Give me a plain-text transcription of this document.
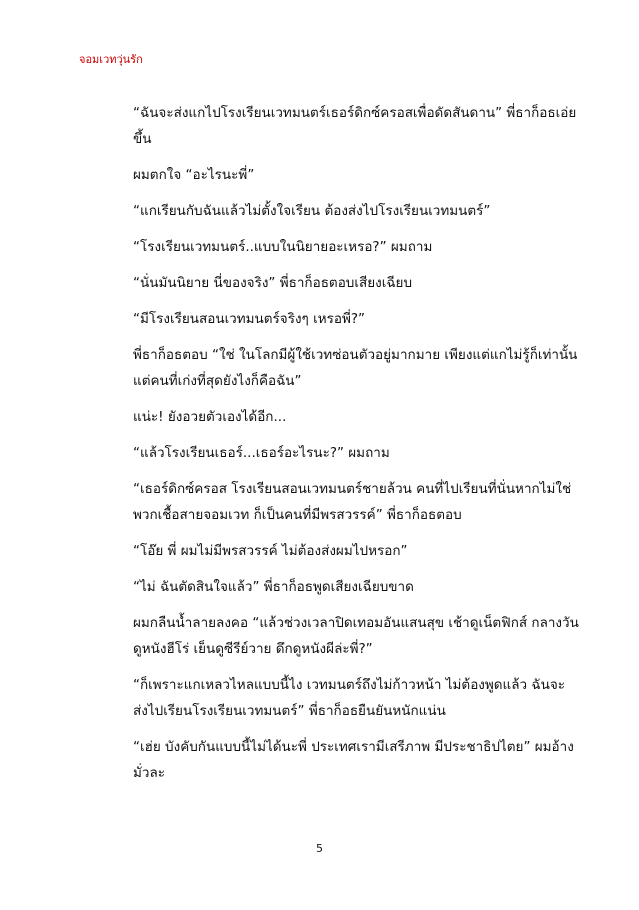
จอมเวทวุ่นรัก
“ฉันจะส่งแกไปโรงเรียนเวทมนตร์เธอร์ดิกซ์ครอสเพื่อดัดสันดาน” พี่ธาก็อธเอ่ย
ขึ้น
ผมตกใจ “อะไรนะพี่”
“แกเรียนกับฉันแล้วไม่ตั้งใจเรียน ต้องส่งไปโรงเรียนเวทมนตร์”
“โรงเรียนเวทมนตร์..แบบในนิยายอะเหรอ?” ผมถาม
“นั่นมันนิยาย นี่ของจริง” พี่ธาก็อธตอบเสียงเฉียบ
“มีโรงเรียนสอนเวทมนตร์จริงๆ เหรอพี่?”
พี่ธาก็อธตอบ “ใช่ ในโลกมีผู้ใช้เวทซ่อนตัวอยู่มากมาย เพียงแต่แกไม่รู้ก็เท่านั้น
แต่คนที่เก่งที่สุดยังไงก็คือฉัน”
แน่ะ! ยังอวยตัวเองได้อีก...
“แล้วโรงเรียนเธอร์...เธอร์อะไรนะ?” ผมถาม
“เธอร์ดิกซ์ครอส โรงเรียนสอนเวทมนตร์ชายล้วน คนที่ไปเรียนที่นั่นหากไม่ใช่
พวกเชื้อสายจอมเวท ก็เป็นคนที่มีพรสวรรค์” พี่ธาก็อธตอบ
“โอ๊ย พี่ ผมไม่มีพรสวรรค์ ไม่ต้องส่งผมไปหรอก”
“ไม่ ฉันตัดสินใจแล้ว” พี่ธาก็อธพูดเสียงเฉียบขาด
ผมกลืนน้ำลายลงคอ “แล้วช่วงเวลาปิดเทอมอันแสนสุข เช้าดูเน็ตฟิกส์ กลางวัน
ดูหนังฮีโร่ เย็นดูซีรีย์วาย ดึกดูหนังผีล่ะพี่?”
“ก็เพราะแกเหลวไหลแบบนี้ไง เวทมนตร์ถึงไม่ก้าวหน้า ไม่ต้องพูดแล้ว ฉันจะ
ส่งไปเรียนโรงเรียนเวทมนตร์” พี่ธาก็อธยืนยันหนักแน่น
“เฮ่ย บังคับกันแบบนี้ไม่ได้นะพี่ ประเทศเรามีเสรีภาพ มีประชาธิปไตย” ผมอ้าง
มั่วละ
5
